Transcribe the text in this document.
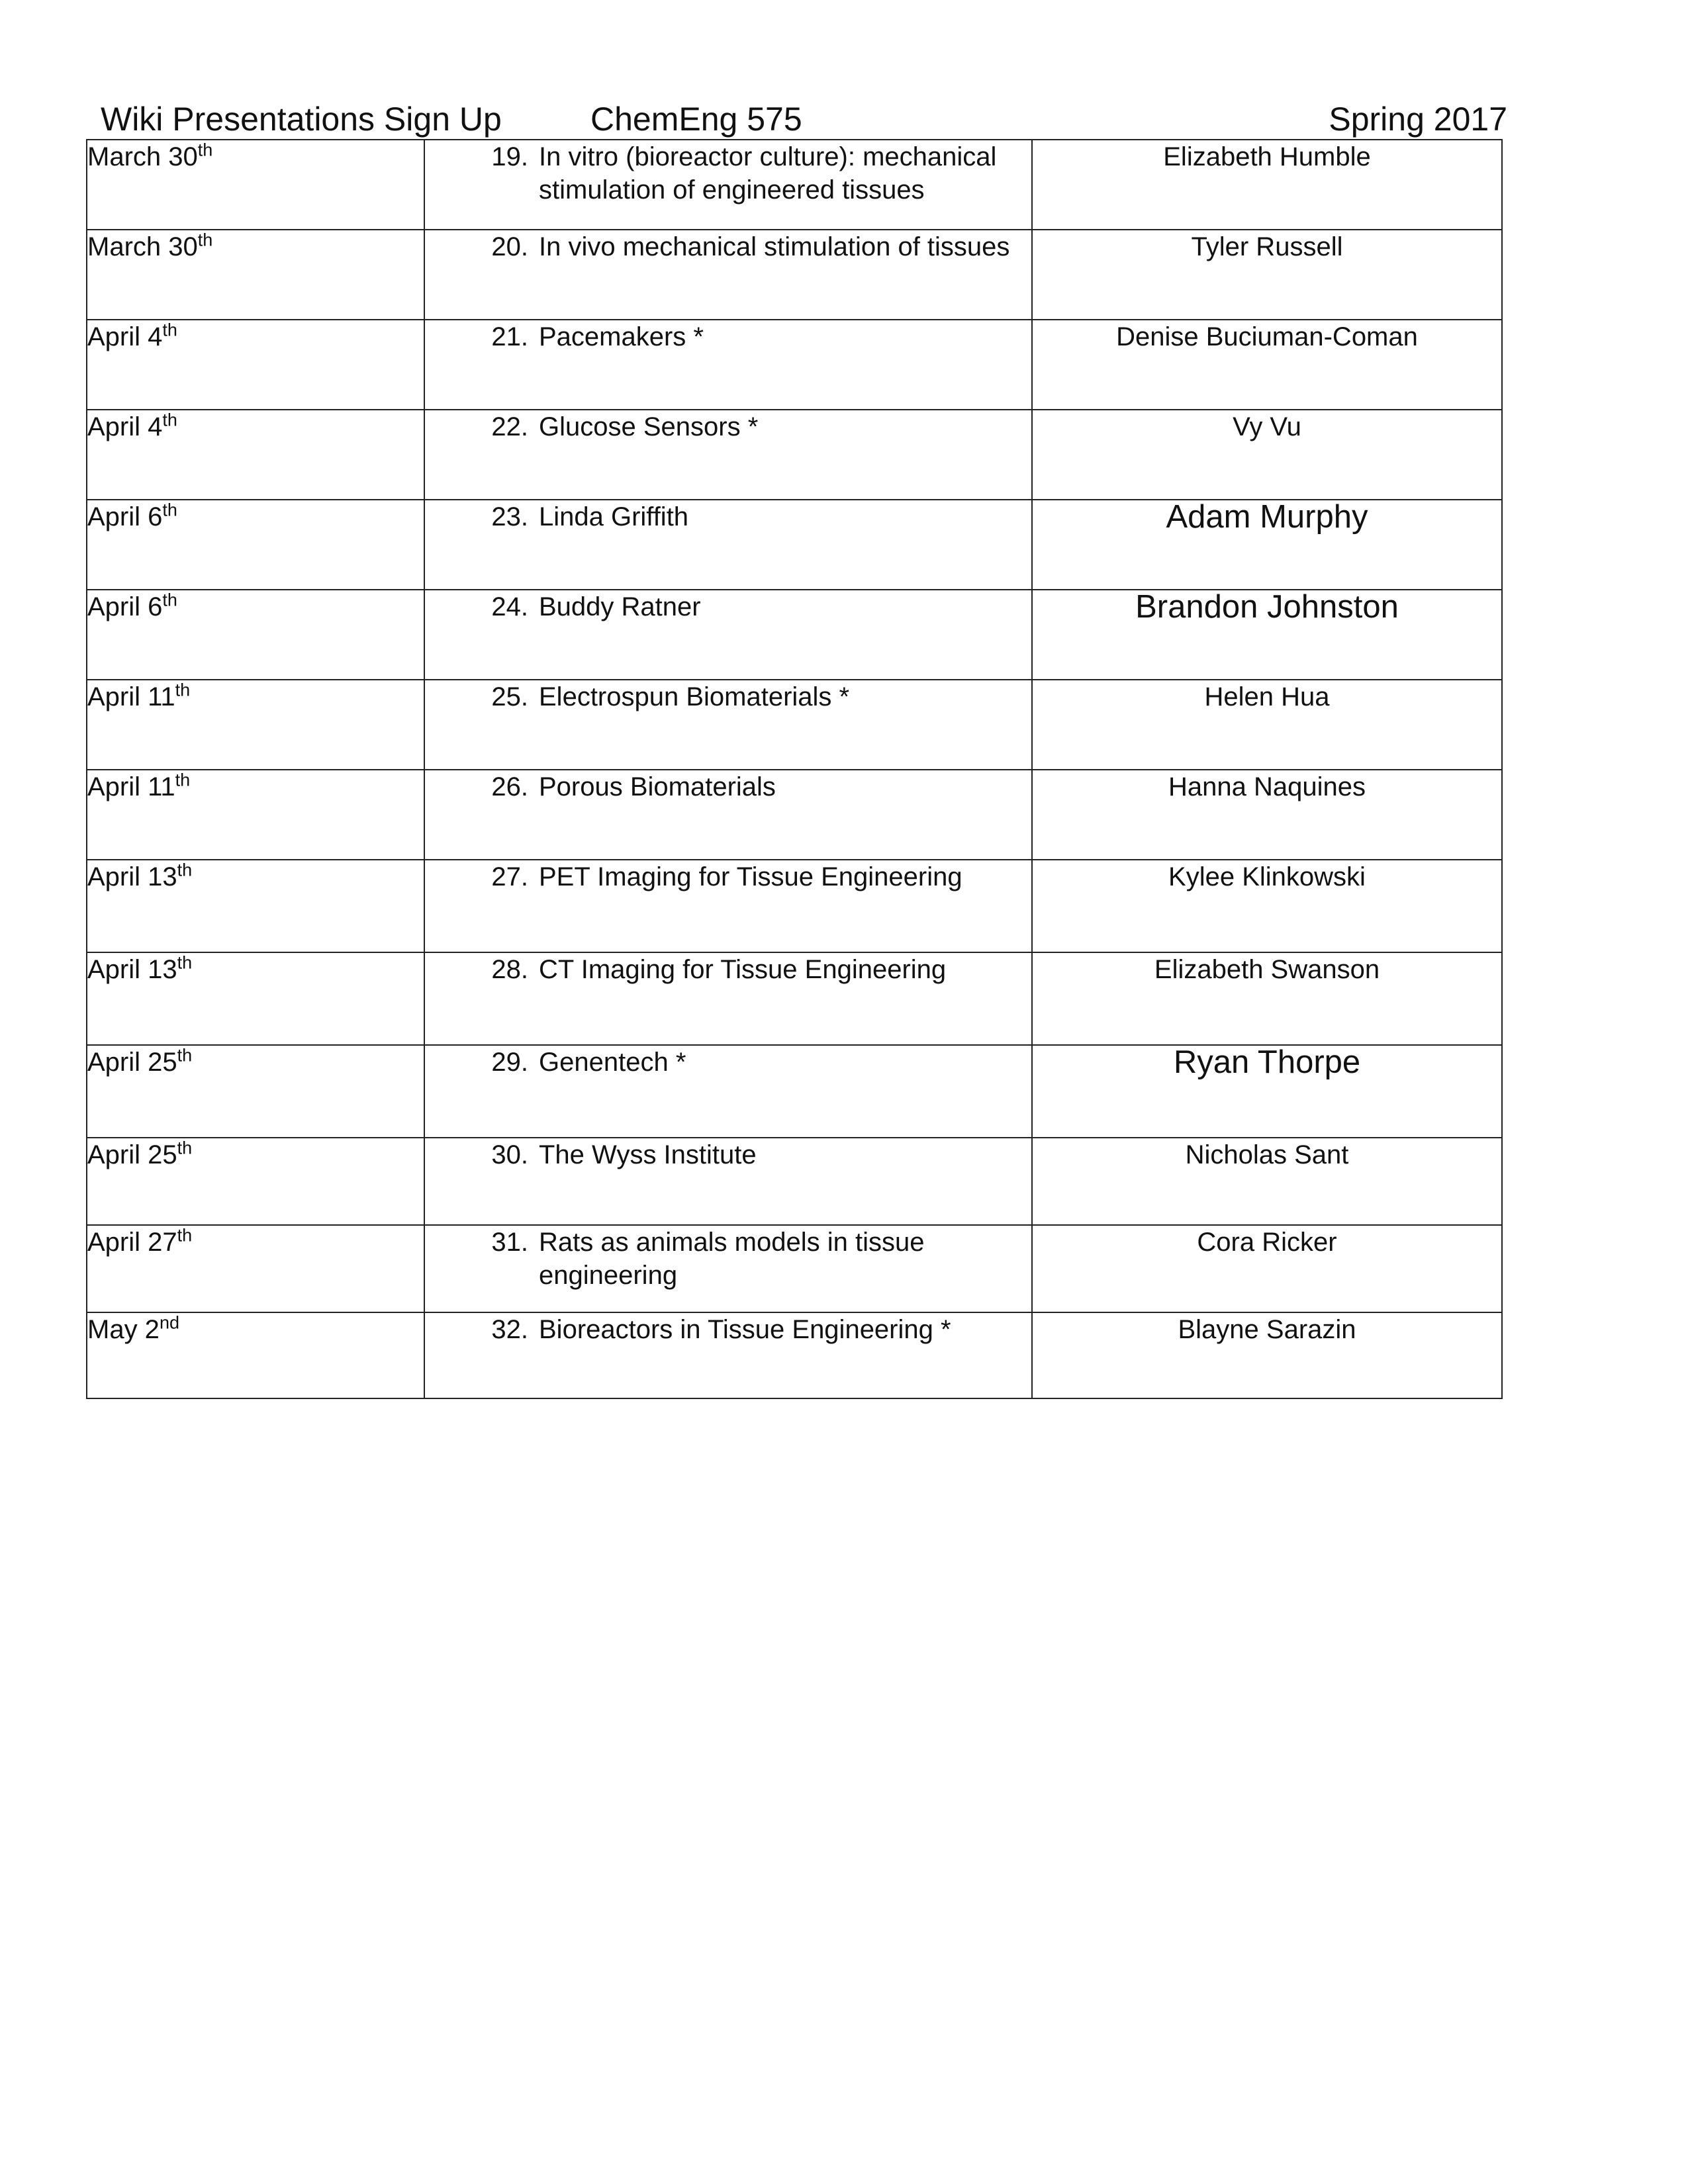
Wiki Presentations Sign Up	ChemEng 575	Spring 2017
March 30th	19. In vitro (bioreactor culture): mechanical stimulation of engineered tissues	Elizabeth Humble
March 30th	20. In vivo mechanical stimulation of tissues	Tyler Russell
April 4th	21. Pacemakers *	Denise Buciuman-Coman
April 4th	22. Glucose Sensors *	Vy Vu
April 6th	23. Linda Griffith	Adam Murphy
April 6th	24. Buddy Ratner	Brandon Johnston
April 11th	25. Electrospun Biomaterials *	Helen Hua
April 11th	26. Porous Biomaterials	Hanna Naquines
April 13th	27. PET Imaging for Tissue Engineering	Kylee Klinkowski
April 13th	28. CT Imaging for Tissue Engineering	Elizabeth Swanson
April 25th	29. Genentech *	Ryan Thorpe
April 25th	30. The Wyss Institute	Nicholas Sant
April 27th	31. Rats as animals models in tissue engineering	Cora Ricker
May 2nd	32. Bioreactors in Tissue Engineering *	Blayne Sarazin
